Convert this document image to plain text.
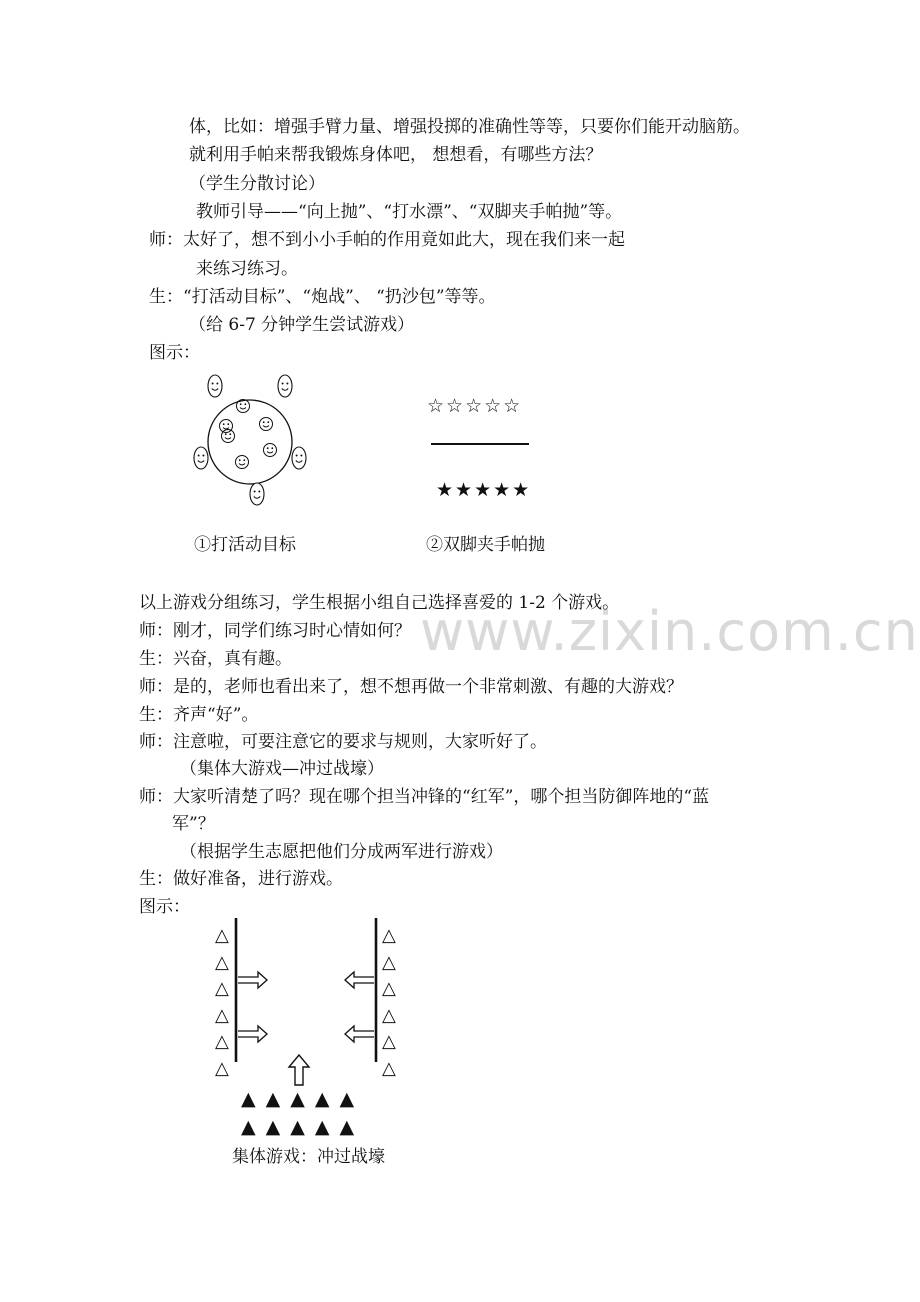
www.zixin.com.cn
体，比如：增强手臂力量、增强投掷的准确性等等，只要你们能开动脑筋。
就利用手帕来帮我锻炼身体吧， 想想看，有哪些方法？
（学生分散讨论）
教师引导——“向上抛”、“打水漂”、“双脚夹手帕抛”等。
师：太好了，想不到小小手帕的作用竟如此大，现在我们来一起
来练习练习。
生：“打活动目标”、“炮战”、 “扔沙包”等等。
（给 6-7 分钟学生尝试游戏）
图示：
☆☆☆☆☆
★★★★★
①打活动目标	②双脚夹手帕抛
以上游戏分组练习，学生根据小组自己选择喜爱的 1-2 个游戏。
师：刚才，同学们练习时心情如何？
生：兴奋，真有趣。
师：是的，老师也看出来了，想不想再做一个非常刺激、有趣的大游戏？
生：齐声“好”。
师：注意啦，可要注意它的要求与规则，大家听好了。
（集体大游戏—冲过战壕）
师：大家听清楚了吗？现在哪个担当冲锋的“红军”，哪个担当防御阵地的“蓝
军”？
（根据学生志愿把他们分成两军进行游戏）
生：做好准备，进行游戏。
图示：
△
△
△
△
△
△
△
△
△
△
△
△
▲▲▲▲▲
▲▲▲▲▲
集体游戏：冲过战壕
